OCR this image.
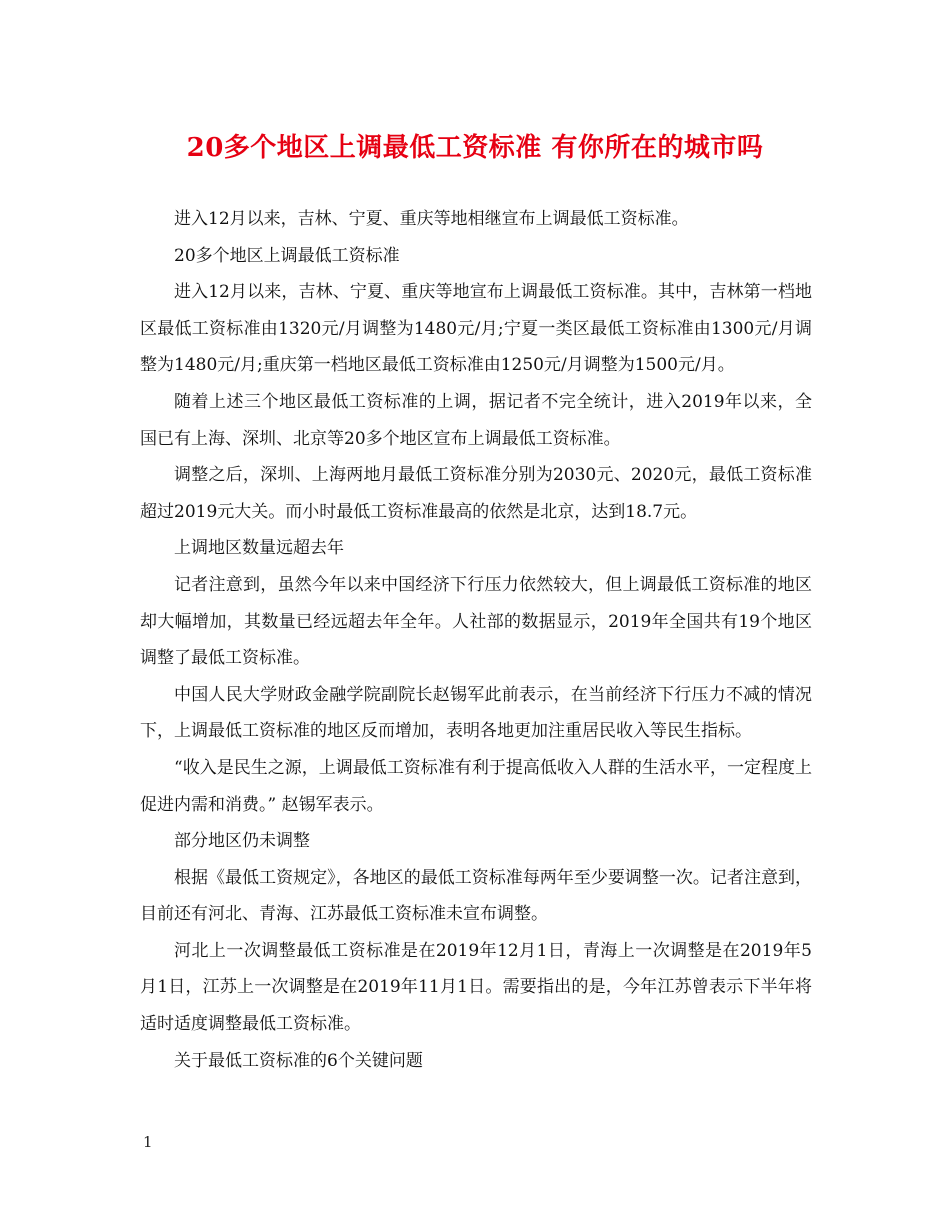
20多个地区上调最低工资标准 有你所在的城市吗

进入12月以来，吉林、宁夏、重庆等地相继宣布上调最低工资标准。

20多个地区上调最低工资标准

进入12月以来，吉林、宁夏、重庆等地宣布上调最低工资标准。其中，吉林第一档地区最低工资标准由1320元/月调整为1480元/月;宁夏一类区最低工资标准由1300元/月调整为1480元/月;重庆第一档地区最低工资标准由1250元/月调整为1500元/月。

随着上述三个地区最低工资标准的上调，据记者不完全统计，进入2019年以来，全国已有上海、深圳、北京等20多个地区宣布上调最低工资标准。

调整之后，深圳、上海两地月最低工资标准分别为2030元、2020元，最低工资标准超过2019元大关。而小时最低工资标准最高的依然是北京，达到18.7元。

上调地区数量远超去年

记者注意到，虽然今年以来中国经济下行压力依然较大，但上调最低工资标准的地区却大幅增加，其数量已经远超去年全年。人社部的数据显示，2019年全国共有19个地区调整了最低工资标准。

中国人民大学财政金融学院副院长赵锡军此前表示，在当前经济下行压力不减的情况下，上调最低工资标准的地区反而增加，表明各地更加注重居民收入等民生指标。

“收入是民生之源，上调最低工资标准有利于提高低收入人群的生活水平，一定程度上促进内需和消费。” 赵锡军表示。

部分地区仍未调整

根据《最低工资规定》，各地区的最低工资标准每两年至少要调整一次。记者注意到，目前还有河北、青海、江苏最低工资标准未宣布调整。

河北上一次调整最低工资标准是在2019年12月1日，青海上一次调整是在2019年5月1日，江苏上一次调整是在2019年11月1日。需要指出的是，今年江苏曾表示下半年将适时适度调整最低工资标准。

关于最低工资标准的6个关键问题

1
